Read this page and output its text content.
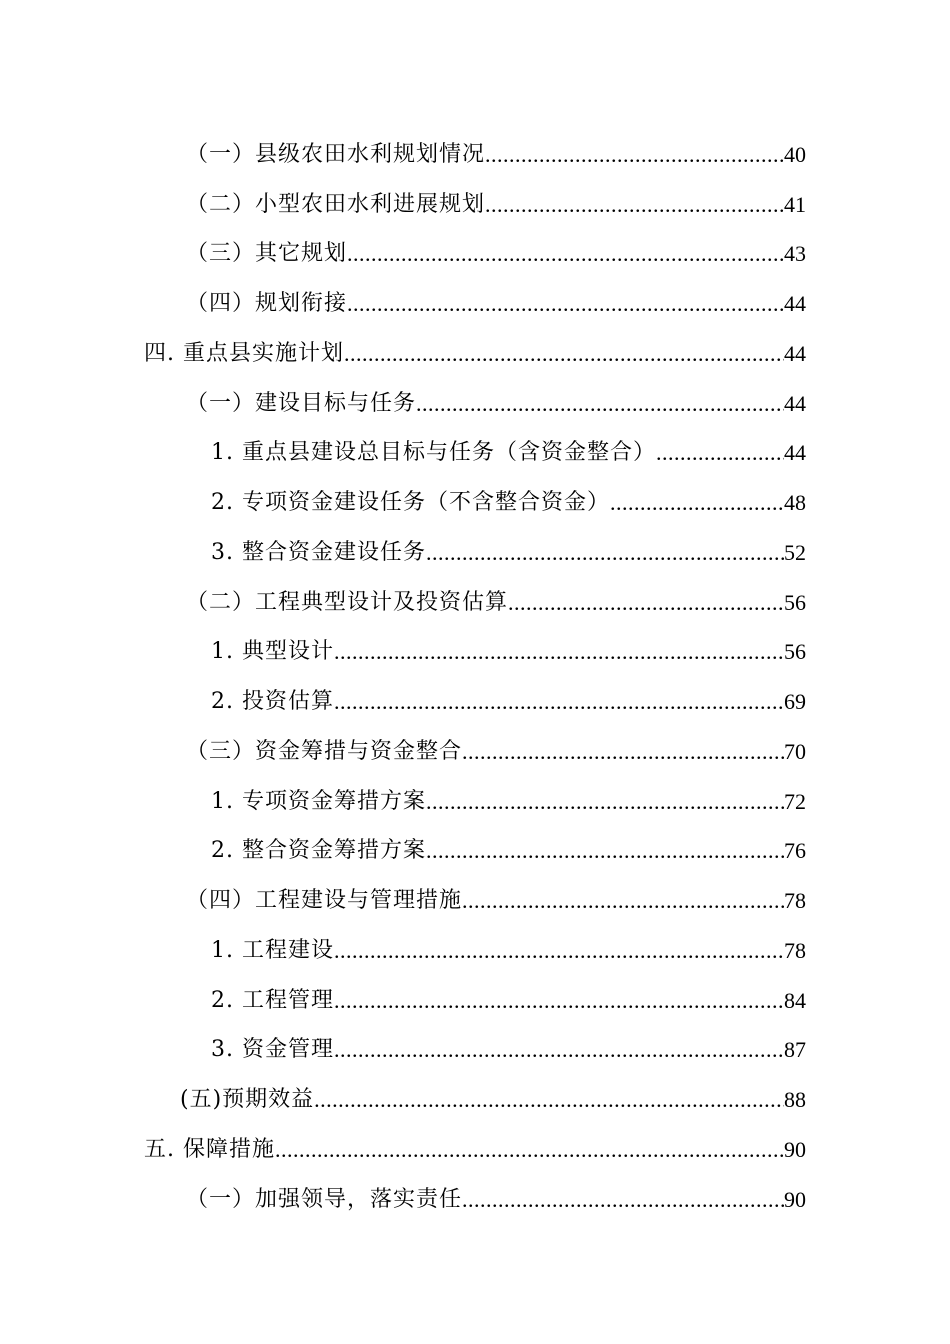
（一）县级农田水利规划情况 .....	40
（二）小型农田水利进展规划 .....	41
（三）其它规划 .....	43
（四）规划衔接 .....	44
四. 重点县实施计划 .....	44
（一）建设目标与任务 .....	44
1. 重点县建设总目标与任务（含资金整合） .....	44
2. 专项资金建设任务（不含整合资金） .....	48
3. 整合资金建设任务 .....	52
（二）工程典型设计及投资估算 .....	56
1. 典型设计 .....	56
2. 投资估算 .....	69
（三）资金筹措与资金整合 .....	70
1. 专项资金筹措方案 .....	72
2. 整合资金筹措方案 .....	76
（四）工程建设与管理措施 .....	78
1. 工程建设 .....	78
2. 工程管理 .....	84
3. 资金管理 .....	87
(五)预期效益 .....	88
五. 保障措施 .....	90
（一）加强领导，落实责任 .....	90
